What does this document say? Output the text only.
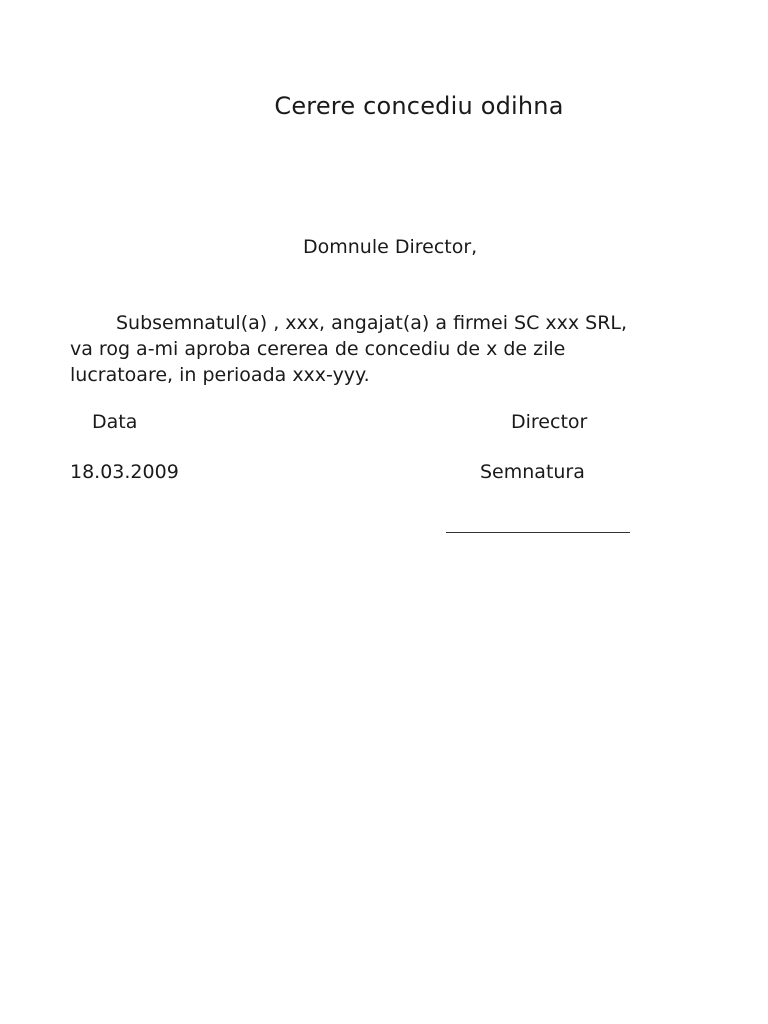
Cerere concediu odihna
Domnule Director,
Subsemnatul(a) , xxx, angajat(a) a firmei SC xxx SRL,
va rog a-mi aproba cererea de concediu de x de zile
lucratoare, in perioada xxx-yyy.
Data	Director
18.03.2009	Semnatura
